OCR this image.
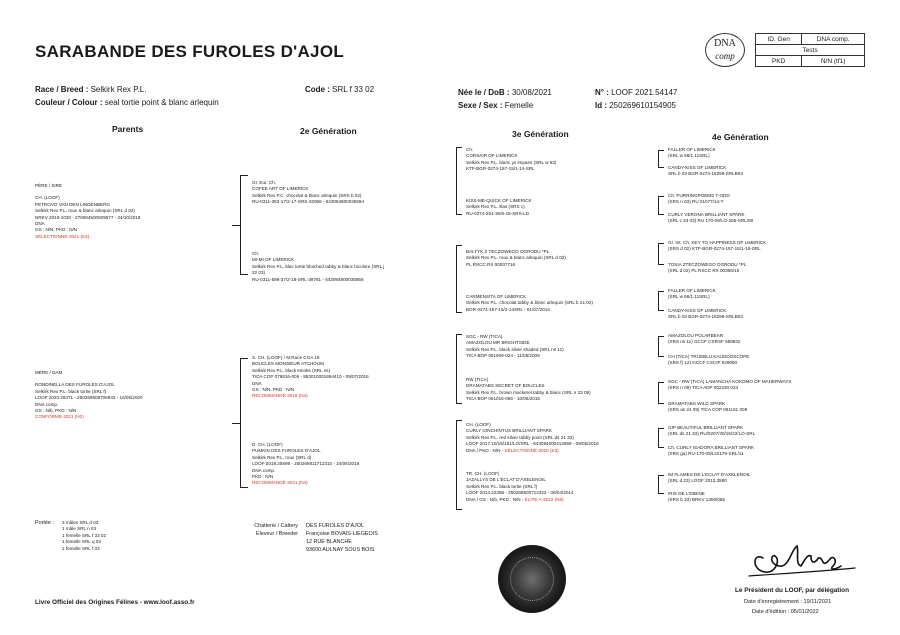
SARABANDE DES FUROLES D'AJOL
Race / Breed : Selkirk Rex P.L.
Couleur / Colour : seal tortie point & blanc arlequin
Code : SRL f 33 02	Née le / DoB : 30/08/2021
Sexe / Sex : Femelle
N° : LOOF 2021.54147
Id : 250269610154905
DNA
comp
ID. Gen	DNA comp.
Tests	
PKD	N/N (tf1)
Parents	2e Génération	3e Génération	4e Génération
PÈRE / SIRE
CH. (LOOF)
PETROVO VAN DEN LINDENBERG
Selkirk Rex P.L. roux & blanc arlequin (SRL d 02)
NRKV 2019-1030 - 276094500609577 - 24/10/2019
DNA
GS : N/N, PKD : N/N
SÉLECTIONNÉ-2021 (K3)
MÈRE / DAM
RONDINELLA DES FUROLES D'AJOL
Selkirk Rex P.L. black tortie (SRL f)
LOOF 2020.28471 - 250269608706943 - 16/06/2020
DNA comp.
GS : N/b, PKD : N/N
CONFORME-2021 (H2)
Gr. Eur. Ch.
COFEE ART OF LIMERICK
Selkirk Rex P.C. chocolat & blanc arlequin (SRS b 02)
RU-0311-353-17/2-17-SRS-32066 - 643094800035694
Ch.
MI-MI OF LIMERICK
Selkirk Rex P.L. blac tortie blotched tabby & blanc bicolore (SRL j
22 03)
RU-0311-599-37/2-18-SRL-39781 - 643094800035856
S. CH. (LOOF) / M.Race CGA 19
BOUCLES MONSIEUR ATCHOUM
Selkirk Rex P.L. black smoke (SRL ns)
TICA COP 076916-005 - 953010001694410 - 09/07/2016
DNA
GS : N/N, PKD : N/N
RECOMMANDÉ-2018 (N4)
D. CH. (LOOF)
PUMKIN DES FUROLES D'AJOL
Selkirk Rex P.L. roux (SRL d)
LOOF 2019.25899 - 250269811712310 - 24/06/2019
DNA comp.
PKD : N/N
RECOMMANDÉ-2021 (N4)
Ch.
CORSAIR OF LIMERICK
Selkirk Rex P.L. blanc yx impairs (SRL w 63)
KTF-BGR-0274-157-15/1-14-SRL
KISS-ME-QUICK OF LIMERICK
Selkirk Rex P.L. lilas (SRS c)
RU-0274-251-30/6-15-SRS-LD
BALTYK Z TECZOWEGO OGRODU *PL
Selkirk Rex P.L. roux & blanc arlequin (SRL d 02)
PL RSCC RX 00037716
CARMENSITA OF LIMERICK
Selkirk Rex P.L. chocolat tabby & blanc arlequin (SRL b 21 02)
BGR-0274-157-16/2-14SRL - 01/07/2014
SGC - RW (TICA)
AMAZOLOU MR BRIGHTSIDE
Selkirk Rex P.L. black silver shaded (SRL ns 11)
TICA BOP 051909-024 - 11/05/2009
RW (TICA)
DRAMATABS SECRET OF BOUCLES
Selkirk Rex P.L. brown mackerel tabby & blanc (SRL n 23 09)
TICA BOP 061015-066 - 10/06/2015
CH. (LOOF)
CURLY GINCHINTUS BRILLIANT SPARK
Selkirk Rex P.L. red silver tabby point (SRL ds 21 33)
LOOF 2017.10/16/151/LO/SRL - 643094000412959 - 09/05/2016
DNA / PKD : N/N - SÉLECTIONNÉ-2020 (K3)
TR. CH. (LOOF)
JAZALLYS DE L'ÉCLAT D'AXELENOIL
Selkirk Rex P.L. black tortie (SRL f)
LOOF 2014.22366 - 250269500712322 - 06/04/2014
DNA / GS : N/b, PKD : N/N - ÉLITE A-2022 (N6)
FALLER OF LIMERICK
(SRL w 68/1.11SRL)
CANDY-KISS OF LIMERICK
SRL b 03 BGR-0274-16299-SRLB03
Ch. PURRINGPOEMS T-ODD
(SRS n 03) RU 01077/14-T
CURLY VERONA BRILLIANT SPARK
(SRL c 33 03) RU 170-09/LO-265-SRL/09
Gr. Int. Ch. KEY TO HAPPINESS OF LIMERICK
(SRS d 02) KTF-BGR-0274-157-15/1-16-SRL
TOSIA ZTECZOWEGO OGRODU *PL
(SRL d 02) PL RSCC RX 00366/15
FALLER OF LIMERICK
(SRL w 68/1.11SRL)
CANDY-KISS OF LIMERICK
SRL b 03 BGR-0274-16299-SRLB03
AMAZOLOU POLARBEAR
(SRS ns 11) GCCF CSRSF 658832
CH (TICA) TRUEBLU KALEIDOSCOPE
(SRS f) 12) GCCF CSCIP 629060
SGC - RW (TICA) LAMANCHA KOKOMO OF MAHERWAYS
(SRS n 09) TICA ADP 002230 024
DRAMATABS WILD SPARK
(SRS as 24 09) TICA COP 091161 009
GIP BEAUTIFUL BRILLIANT SPARK
(SRL ds 21 33) RU/0207/30/15/22/LO-SRL
Ch. CURLY ISADORA BRILLIANT SPARK
(SRS gu) RU-170-09/LO/179-SRL/11
IM FLAMES DE L'ECLAT D'AXELENOIL
(SRL d 23) LOOF 2013.3580
IRIS DE L'EBENE
(SRS b 33) BRKV 1306/065
Portée : 3 mâles SRL d 03
1 mâle SRL n 03
1 femelle SRL f 33 02
1 femelle SRL q 03
1 femelle SRL f 03
Chatterie / Cattery
Eleveur / Breeder
DES FUROLES D'AJOL
Françoise BOVAIS-LIEGEOIS
12 RUE BLANCHE
93600 AULNAY SOUS BOIS
Le Président du LOOF, par délégation
Date d'enregistrement : 19/11/2021
Date d'édition : 05/01/2022
Livre Officiel des Origines Félines - www.loof.asso.fr
